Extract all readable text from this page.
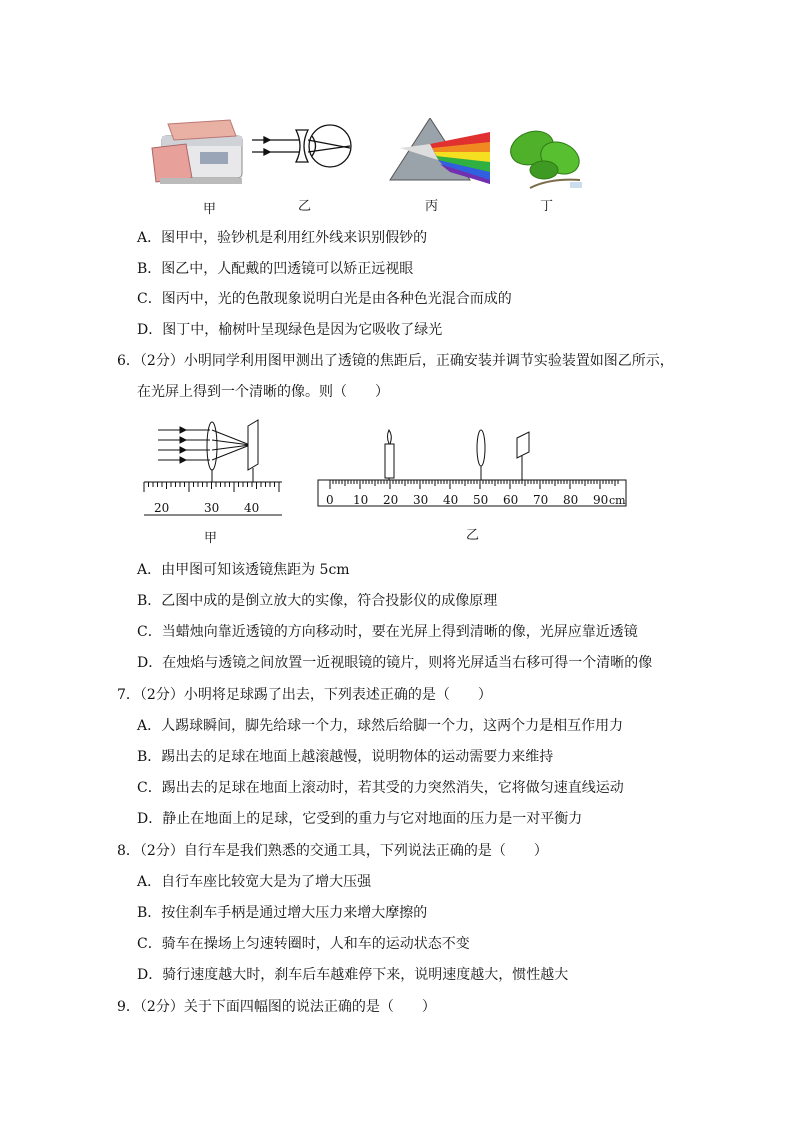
甲	乙	丙	丁
A．图甲中，验钞机是利用红外线来识别假钞的
B．图乙中，人配戴的凹透镜可以矫正远视眼
C．图丙中，光的色散现象说明白光是由各种色光混合而成的
D．图丁中，榆树叶呈现绿色是因为它吸收了绿光
6．（2分）小明同学利用图甲测出了透镜的焦距后，正确安装并调节实验装置如图乙所示，
在光屏上得到一个清晰的像。则（　　）
20	30 40
甲
0 10 20 30 40 50 60 70 80 90 cm
乙
A．由甲图可知该透镜焦距为 5cm
B．乙图中成的是倒立放大的实像，符合投影仪的成像原理
C．当蜡烛向靠近透镜的方向移动时，要在光屏上得到清晰的像，光屏应靠近透镜
D．在烛焰与透镜之间放置一近视眼镜的镜片，则将光屏适当右移可得一个清晰的像
7．（2分）小明将足球踢了出去，下列表述正确的是（　　）
A．人踢球瞬间，脚先给球一个力，球然后给脚一个力，这两个力是相互作用力
B．踢出去的足球在地面上越滚越慢，说明物体的运动需要力来维持
C．踢出去的足球在地面上滚动时，若其受的力突然消失，它将做匀速直线运动
D．静止在地面上的足球，它受到的重力与它对地面的压力是一对平衡力
8．（2分）自行车是我们熟悉的交通工具，下列说法正确的是（　　）
A．自行车座比较宽大是为了增大压强
B．按住刹车手柄是通过增大压力来增大摩擦的
C．骑车在操场上匀速转圈时，人和车的运动状态不变
D．骑行速度越大时，刹车后车越难停下来，说明速度越大，惯性越大
9．（2分）关于下面四幅图的说法正确的是（　　）
